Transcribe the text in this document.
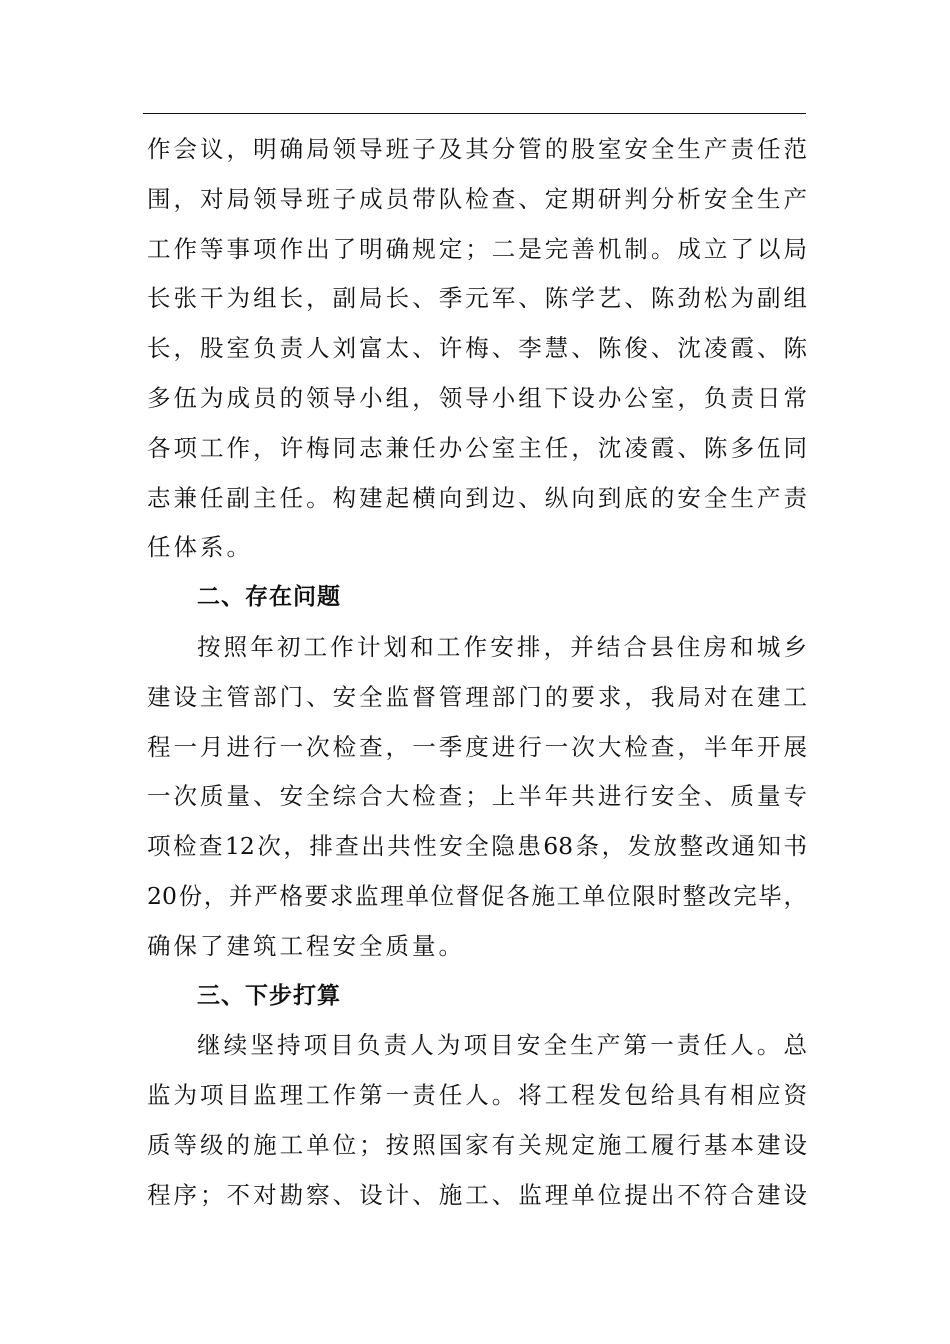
作会议，明确局领导班子及其分管的股室安全生产责任范
围，对局领导班子成员带队检查、定期研判分析安全生产
工作等事项作出了明确规定；二是完善机制。成立了以局
长张干为组长，副局长、季元军、陈学艺、陈劲松为副组
长，股室负责人刘富太、许梅、李慧、陈俊、沈凌霞、陈
多伍为成员的领导小组，领导小组下设办公室，负责日常
各项工作，许梅同志兼任办公室主任，沈凌霞、陈多伍同
志兼任副主任。构建起横向到边、纵向到底的安全生产责
任体系。
二、存在问题
按照年初工作计划和工作安排，并结合县住房和城乡
建设主管部门、安全监督管理部门的要求，我局对在建工
程一月进行一次检查，一季度进行一次大检查，半年开展
一次质量、安全综合大检查；上半年共进行安全、质量专
项检查12次，排查出共性安全隐患68条，发放整改通知书
20份，并严格要求监理单位督促各施工单位限时整改完毕，
确保了建筑工程安全质量。
三、下步打算
继续坚持项目负责人为项目安全生产第一责任人。总
监为项目监理工作第一责任人。将工程发包给具有相应资
质等级的施工单位；按照国家有关规定施工履行基本建设
程序；不对勘察、设计、施工、监理单位提出不符合建设
